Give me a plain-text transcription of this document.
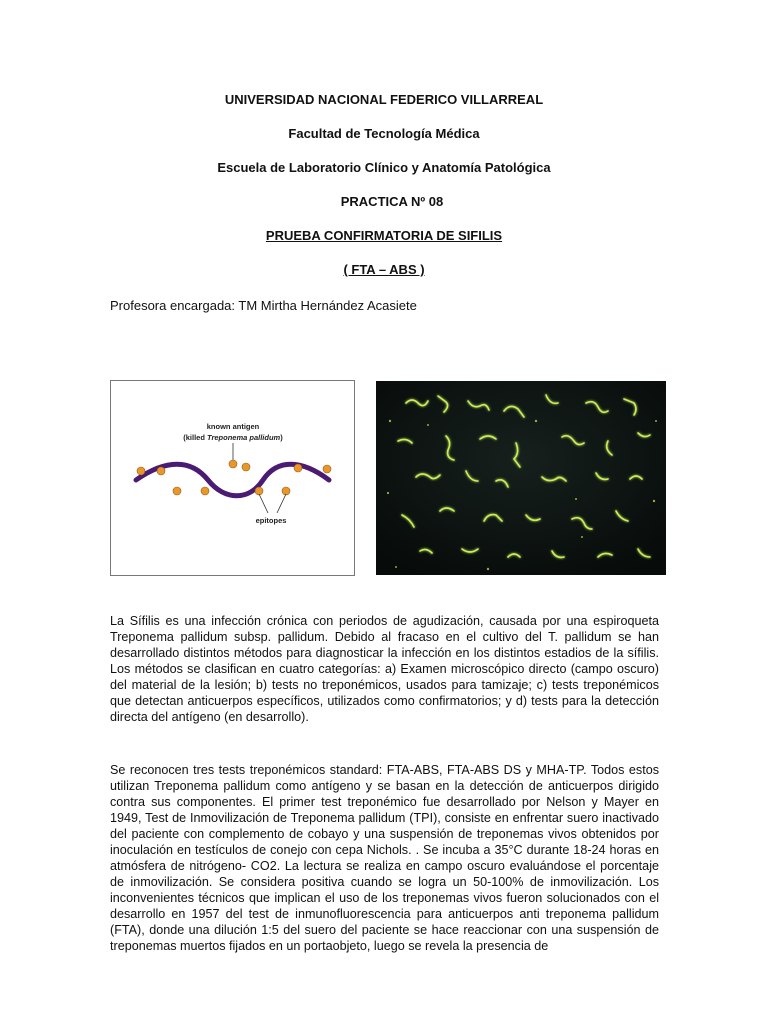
UNIVERSIDAD NACIONAL FEDERICO VILLARREAL

Facultad de Tecnología Médica

Escuela de Laboratorio Clínico y Anatomía Patológica

PRACTICA Nº 08

PRUEBA CONFIRMATORIA DE SIFILIS

( FTA – ABS )

Profesora encargada: TM Mirtha Hernández Acasiete

known antigen
(killed Treponema pallidum)
epitopes

La Sífilis es una infección crónica con periodos de agudización, causada por una espiroqueta Treponema pallidum subsp. pallidum. Debido al fracaso en el cultivo del T. pallidum se han desarrollado distintos métodos para diagnosticar la infección en los distintos estadios de la sífilis. Los métodos se clasifican en cuatro categorías: a) Examen microscópico directo (campo oscuro) del material de la lesión; b) tests no treponémicos, usados para tamizaje; c) tests treponémicos que detectan anticuerpos específicos, utilizados como confirmatorios; y d) tests para la detección directa del antígeno (en desarrollo).

Se reconocen tres tests treponémicos standard: FTA-ABS, FTA-ABS DS y MHA-TP. Todos estos utilizan Treponema pallidum como antígeno y se basan en la detección de anticuerpos dirigido contra sus componentes. El primer test treponémico fue desarrollado por Nelson y Mayer en 1949, Test de Inmovilización de Treponema pallidum (TPI), consiste en enfrentar suero inactivado del paciente con complemento de cobayo y una suspensión de treponemas vivos obtenidos por inoculación en testículos de conejo con cepa Nichols. . Se incuba a 35°C durante 18-24 horas en atmósfera de nitrógeno- CO2. La lectura se realiza en campo oscuro evaluándose el porcentaje de inmovilización. Se considera positiva cuando se logra un 50-100% de inmovilización. Los inconvenientes técnicos que implican el uso de los treponemas vivos fueron solucionados con el desarrollo en 1957 del test de inmunofluorescencia para anticuerpos anti treponema pallidum (FTA), donde una dilución 1:5 del suero del paciente se hace reaccionar con una suspensión de treponemas muertos fijados en un portaobjeto, luego se revela la presencia de
